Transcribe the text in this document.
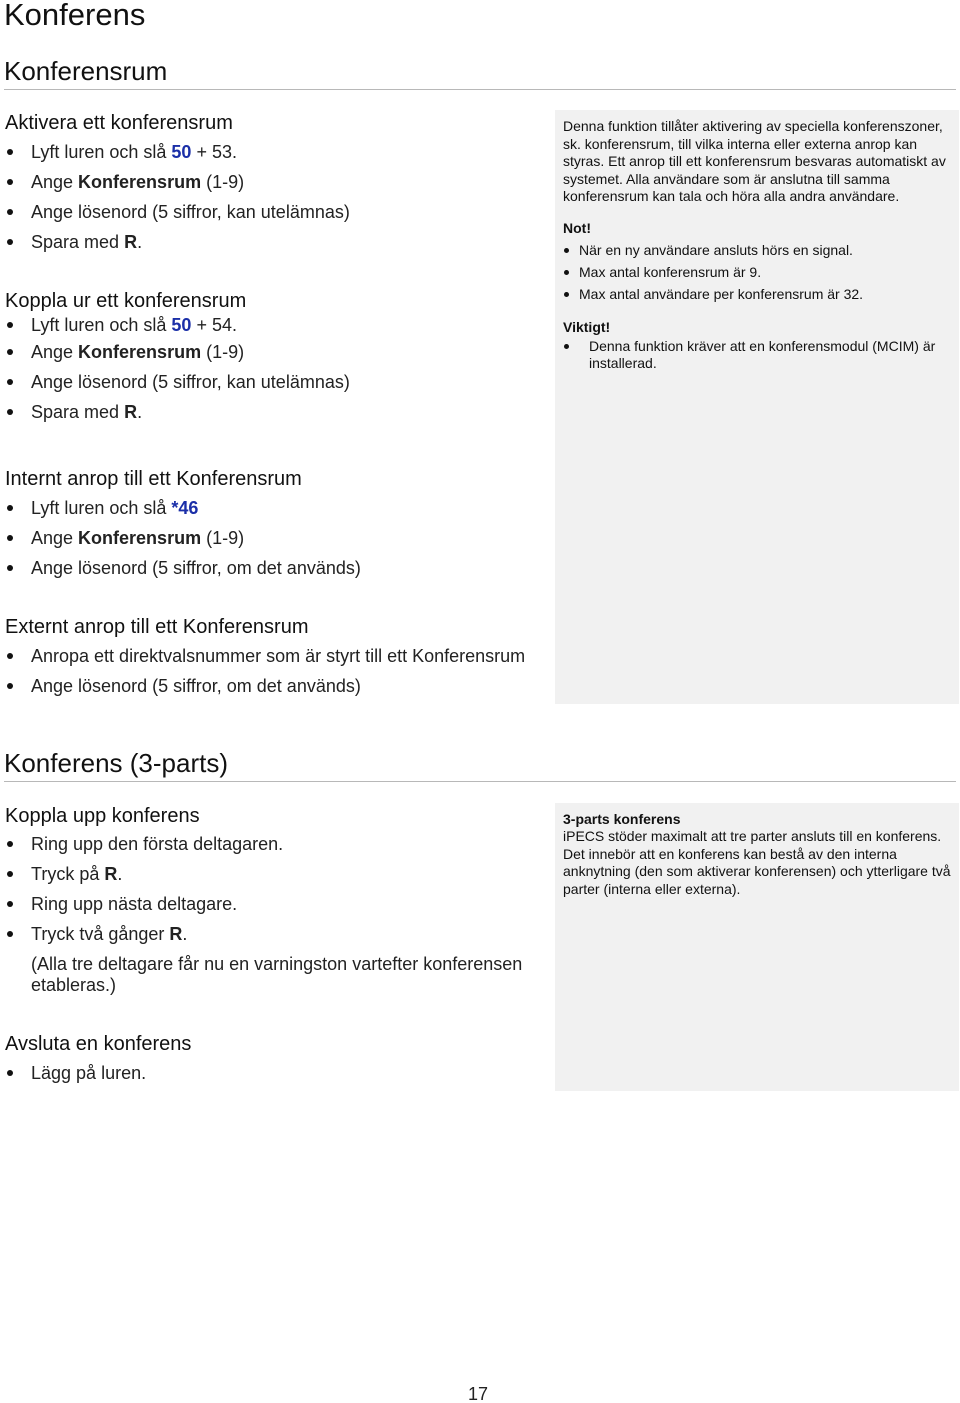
Konferens
Konferensrum
Aktivera ett konferensrum
Lyft luren och slå 50 + 53.
Ange Konferensrum (1-9)
Ange lösenord (5 siffror, kan utelämnas)
Spara med R.
Koppla ur ett konferensrum
Lyft luren och slå 50 + 54.
Ange Konferensrum (1-9)
Ange lösenord (5 siffror, kan utelämnas)
Spara med R.
Internt anrop till ett Konferensrum
Lyft luren och slå *46
Ange Konferensrum (1-9)
Ange lösenord (5 siffror, om det används)
Externt anrop till ett Konferensrum
Anropa ett direktvalsnummer som är styrt till ett Konferensrum
Ange lösenord (5 siffror, om det används)
Denna funktion tillåter aktivering av speciella konferenszoner, sk. konferensrum, till vilka interna eller externa anrop kan styras. Ett anrop till ett konferensrum besvaras automatiskt av systemet. Alla användare som är anslutna till samma konferensrum kan tala och höra alla andra användare.
Not!
När en ny användare ansluts hörs en signal.
Max antal konferensrum är 9.
Max antal användare per konferensrum är 32.
Viktigt!
Denna funktion kräver att en konferensmodul (MCIM) är installerad.
Konferens (3-parts)
Koppla upp konferens
Ring upp den första deltagaren.
Tryck på R.
Ring upp nästa deltagare.
Tryck två gånger R.
(Alla tre deltagare får nu en varningston vartefter konferensen etableras.)
Avsluta en konferens
Lägg på luren.
3-parts konferens
iPECS stöder maximalt att tre parter ansluts till en konferens. Det innebör att en konferens kan bestå av den interna anknytning (den som aktiverar konferensen) och ytterligare två parter (interna eller externa).
17
